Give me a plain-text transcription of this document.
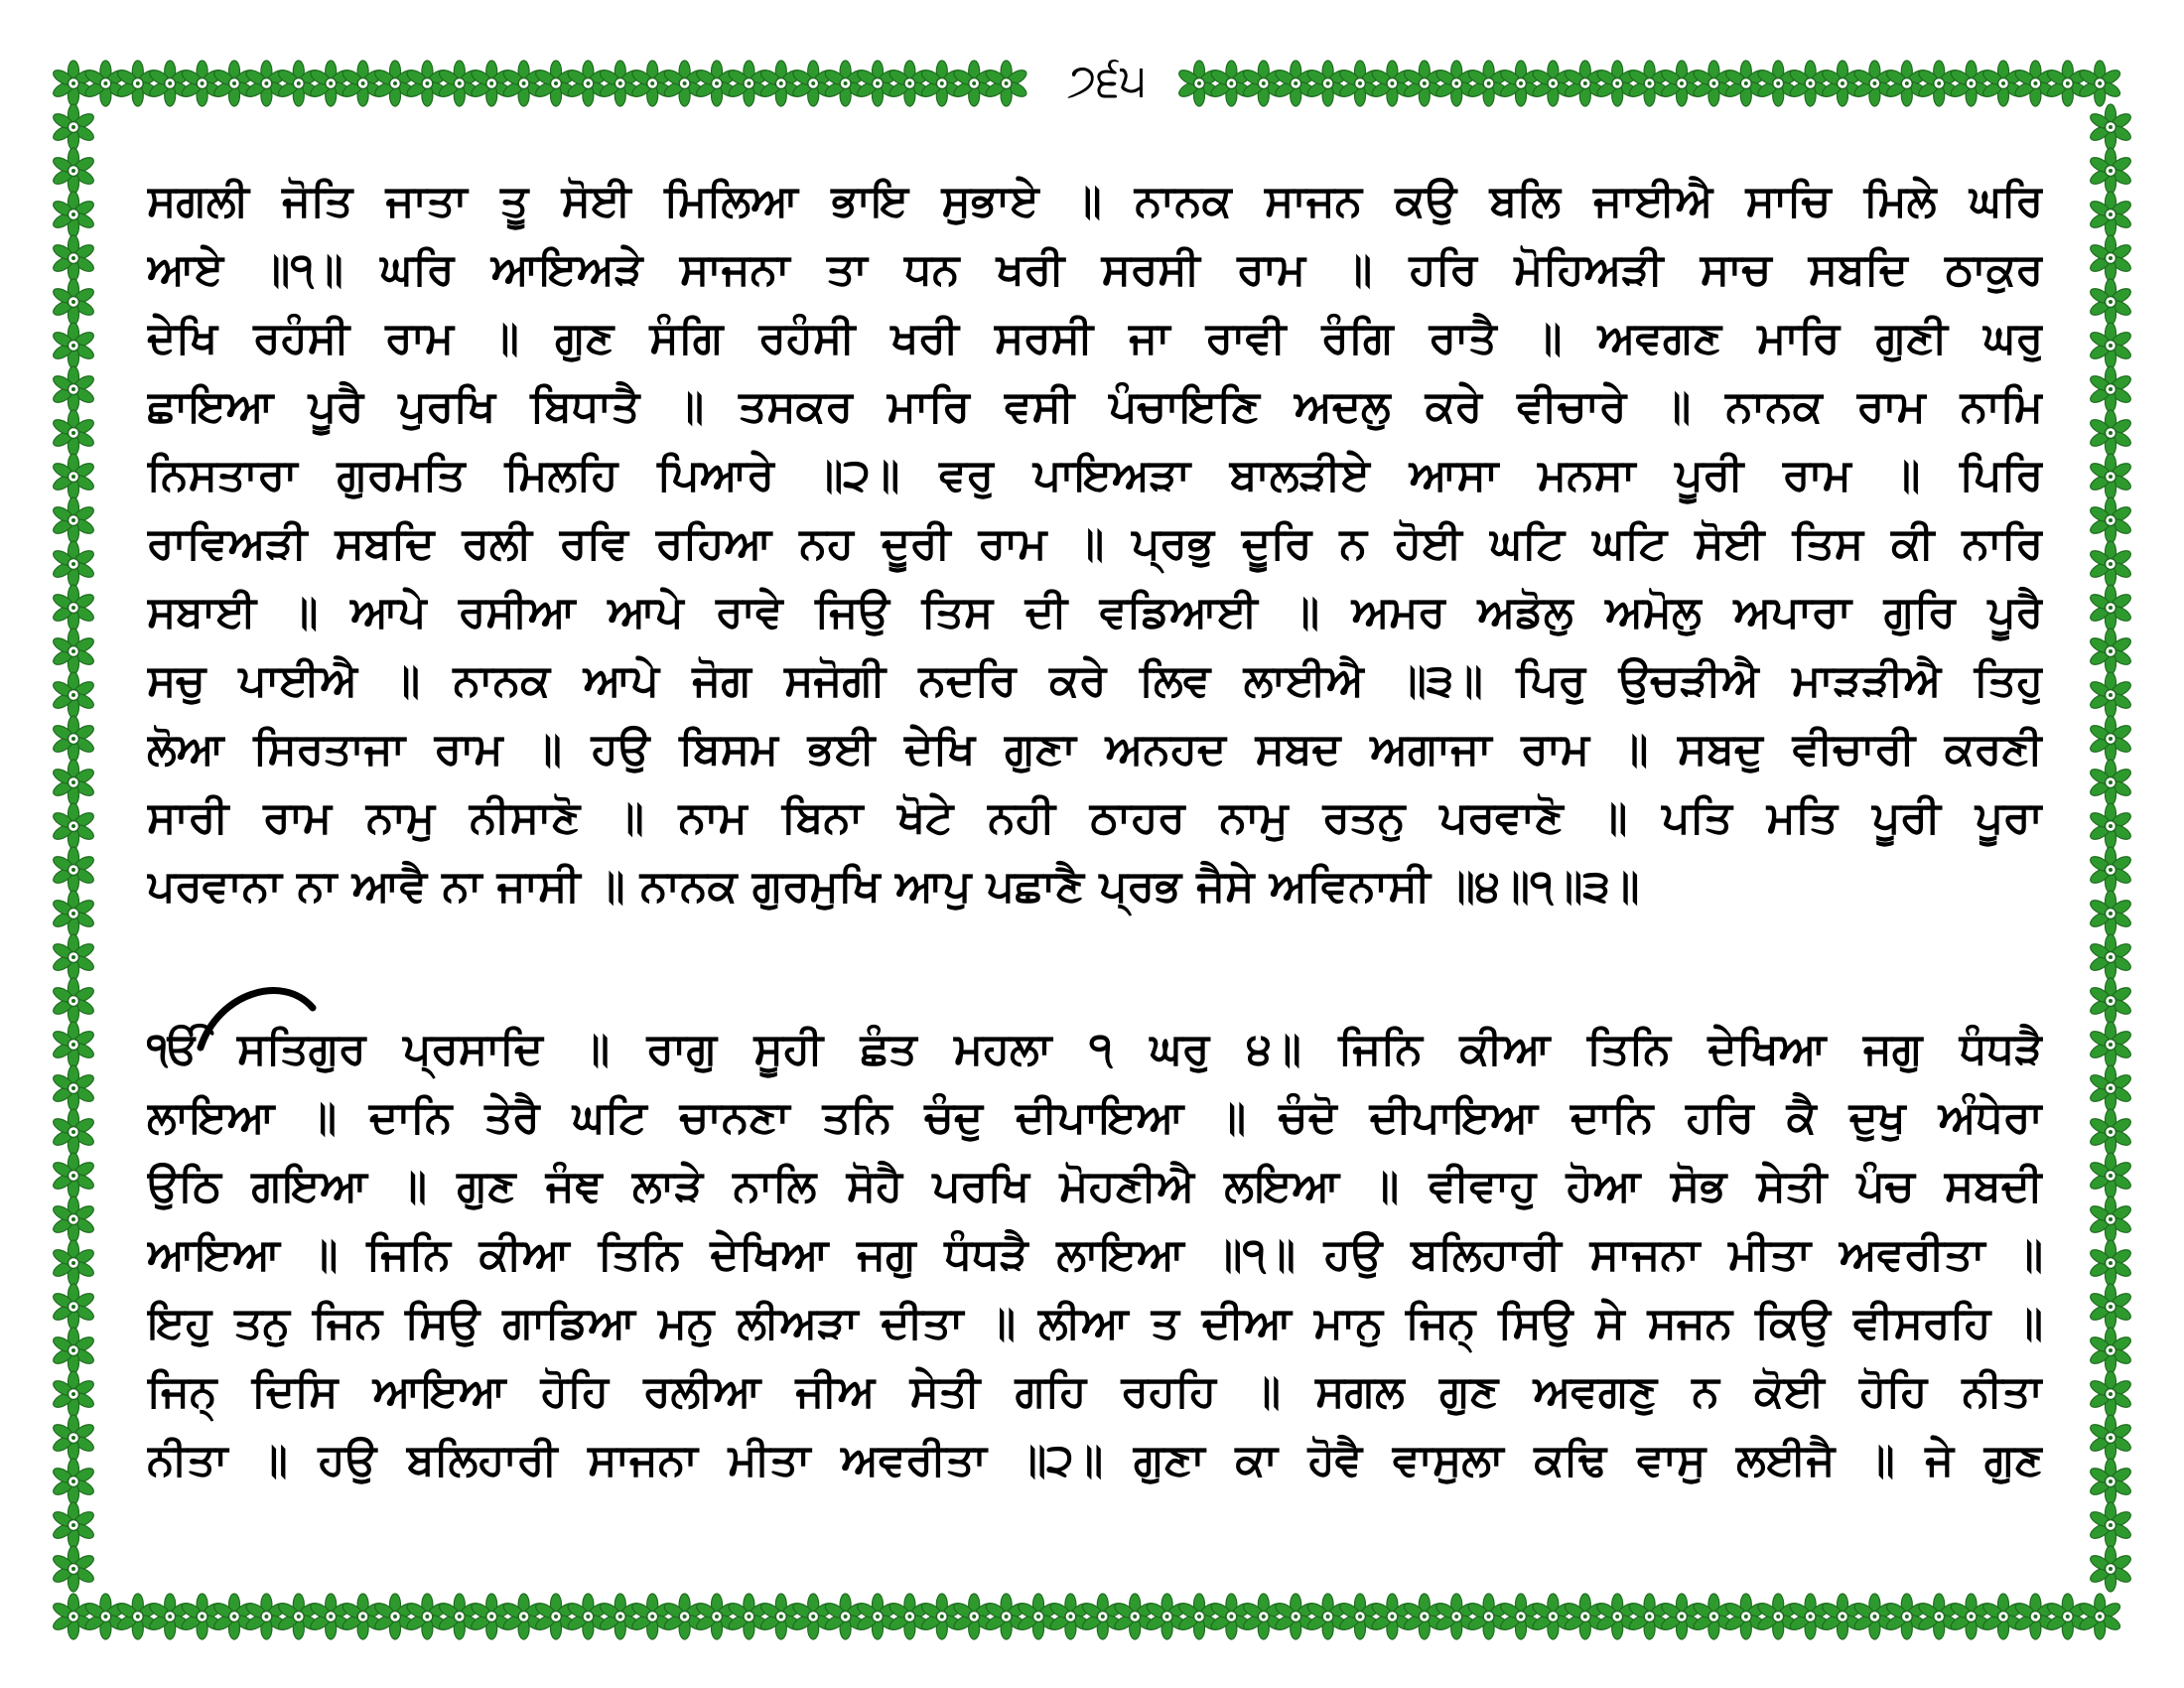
੭੬੫
ਸਗਲੀ ਜੋਤਿ ਜਾਤਾ ਤੂ ਸੋਈ ਮਿਲਿਆ ਭਾਇ ਸੁਭਾਏ ॥ ਨਾਨਕ ਸਾਜਨ ਕਉ ਬਲਿ ਜਾਈਐ ਸਾਚਿ ਮਿਲੇ ਘਰਿ
ਆਏ ॥੧॥ ਘਰਿ ਆਇਅੜੇ ਸਾਜਨਾ ਤਾ ਧਨ ਖਰੀ ਸਰਸੀ ਰਾਮ ॥ ਹਰਿ ਮੋਹਿਅੜੀ ਸਾਚ ਸਬਦਿ ਠਾਕੁਰ
ਦੇਖਿ ਰਹੰਸੀ ਰਾਮ ॥ ਗੁਣ ਸੰਗਿ ਰਹੰਸੀ ਖਰੀ ਸਰਸੀ ਜਾ ਰਾਵੀ ਰੰਗਿ ਰਾਤੈ ॥ ਅਵਗਣ ਮਾਰਿ ਗੁਣੀ ਘਰੁ
ਛਾਇਆ ਪੂਰੈ ਪੁਰਖਿ ਬਿਧਾਤੈ ॥ ਤਸਕਰ ਮਾਰਿ ਵਸੀ ਪੰਚਾਇਣਿ ਅਦਲੁ ਕਰੇ ਵੀਚਾਰੇ ॥ ਨਾਨਕ ਰਾਮ ਨਾਮਿ
ਨਿਸਤਾਰਾ ਗੁਰਮਤਿ ਮਿਲਹਿ ਪਿਆਰੇ ॥੨॥ ਵਰੁ ਪਾਇਅੜਾ ਬਾਲੜੀਏ ਆਸਾ ਮਨਸਾ ਪੂਰੀ ਰਾਮ ॥ ਪਿਰਿ
ਰਾਵਿਅੜੀ ਸਬਦਿ ਰਲੀ ਰਵਿ ਰਹਿਆ ਨਹ ਦੂਰੀ ਰਾਮ ॥ ਪ੍ਰਭੁ ਦੂਰਿ ਨ ਹੋਈ ਘਟਿ ਘਟਿ ਸੋਈ ਤਿਸ ਕੀ ਨਾਰਿ
ਸਬਾਈ ॥ ਆਪੇ ਰਸੀਆ ਆਪੇ ਰਾਵੇ ਜਿਉ ਤਿਸ ਦੀ ਵਡਿਆਈ ॥ ਅਮਰ ਅਡੋਲੁ ਅਮੋਲੁ ਅਪਾਰਾ ਗੁਰਿ ਪੂਰੈ
ਸਚੁ ਪਾਈਐ ॥ ਨਾਨਕ ਆਪੇ ਜੋਗ ਸਜੋਗੀ ਨਦਰਿ ਕਰੇ ਲਿਵ ਲਾਈਐ ॥੩॥ ਪਿਰੁ ਉਚੜੀਐ ਮਾੜੜੀਐ ਤਿਹੁ
ਲੋਆ ਸਿਰਤਾਜਾ ਰਾਮ ॥ ਹਉ ਬਿਸਮ ਭਈ ਦੇਖਿ ਗੁਣਾ ਅਨਹਦ ਸਬਦ ਅਗਾਜਾ ਰਾਮ ॥ ਸਬਦੁ ਵੀਚਾਰੀ ਕਰਣੀ
ਸਾਰੀ ਰਾਮ ਨਾਮੁ ਨੀਸਾਣੋ ॥ ਨਾਮ ਬਿਨਾ ਖੋਟੇ ਨਹੀ ਠਾਹਰ ਨਾਮੁ ਰਤਨੁ ਪਰਵਾਣੋ ॥ ਪਤਿ ਮਤਿ ਪੂਰੀ ਪੂਰਾ
ਪਰਵਾਨਾ ਨਾ ਆਵੈ ਨਾ ਜਾਸੀ ॥ ਨਾਨਕ ਗੁਰਮੁਖਿ ਆਪੁ ਪਛਾਣੈ ਪ੍ਰਭ ਜੈਸੇ ਅਵਿਨਾਸੀ ॥੪॥੧॥੩॥
ੴ ਸਤਿਗੁਰ ਪ੍ਰਸਾਦਿ ॥ ਰਾਗੁ ਸੂਹੀ ਛੰਤ ਮਹਲਾ ੧ ਘਰੁ ੪॥ ਜਿਨਿ ਕੀਆ ਤਿਨਿ ਦੇਖਿਆ ਜਗੁ ਧੰਧੜੈ
ਲਾਇਆ ॥ ਦਾਨਿ ਤੇਰੈ ਘਟਿ ਚਾਨਣਾ ਤਨਿ ਚੰਦੁ ਦੀਪਾਇਆ ॥ ਚੰਦੋ ਦੀਪਾਇਆ ਦਾਨਿ ਹਰਿ ਕੈ ਦੁਖੁ ਅੰਧੇਰਾ
ਉਠਿ ਗਇਆ ॥ ਗੁਣ ਜੰਞ ਲਾੜੇ ਨਾਲਿ ਸੋਹੈ ਪਰਖਿ ਮੋਹਣੀਐ ਲਇਆ ॥ ਵੀਵਾਹੁ ਹੋਆ ਸੋਭ ਸੇਤੀ ਪੰਚ ਸਬਦੀ
ਆਇਆ ॥ ਜਿਨਿ ਕੀਆ ਤਿਨਿ ਦੇਖਿਆ ਜਗੁ ਧੰਧੜੈ ਲਾਇਆ ॥੧॥ ਹਉ ਬਲਿਹਾਰੀ ਸਾਜਨਾ ਮੀਤਾ ਅਵਰੀਤਾ ॥
ਇਹੁ ਤਨੁ ਜਿਨ ਸਿਉ ਗਾਡਿਆ ਮਨੁ ਲੀਅੜਾ ਦੀਤਾ ॥ ਲੀਆ ਤ ਦੀਆ ਮਾਨੁ ਜਿਨ੍ ਸਿਉ ਸੇ ਸਜਨ ਕਿਉ ਵੀਸਰਹਿ ॥
ਜਿਨ੍ ਦਿਸਿ ਆਇਆ ਹੋਹਿ ਰਲੀਆ ਜੀਅ ਸੇਤੀ ਗਹਿ ਰਹਹਿ ॥ ਸਗਲ ਗੁਣ ਅਵਗਣੁ ਨ ਕੋਈ ਹੋਹਿ ਨੀਤਾ
ਨੀਤਾ ॥ ਹਉ ਬਲਿਹਾਰੀ ਸਾਜਨਾ ਮੀਤਾ ਅਵਰੀਤਾ ॥੨॥ ਗੁਣਾ ਕਾ ਹੋਵੈ ਵਾਸੁਲਾ ਕਢਿ ਵਾਸੁ ਲਈਜੈ ॥ ਜੇ ਗੁਣ
